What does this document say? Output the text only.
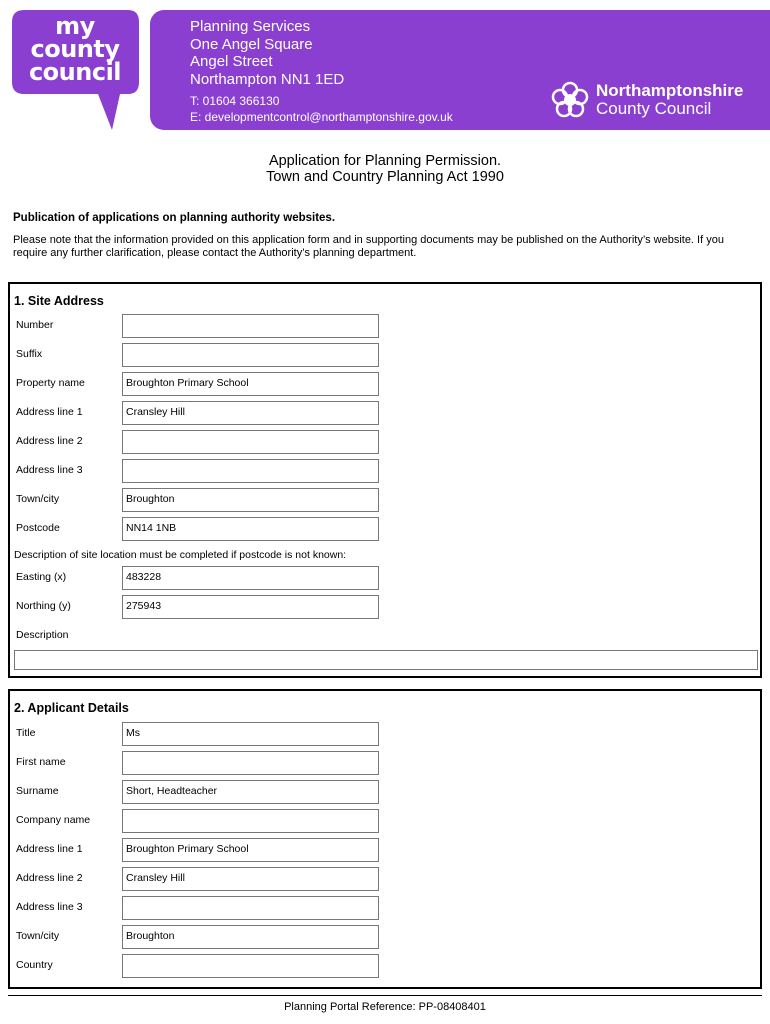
my
county
council
Planning Services
One Angel Square
Angel Street
Northampton NN1 1ED
T: 01604 366130
E: developmentcontrol@northamptonshire.gov.uk
Northamptonshire
County Council
Application for Planning Permission.
Town and Country Planning Act 1990
Publication of applications on planning authority websites.
Please note that the information provided on this application form and in supporting documents may be published on the Authority’s website. If you require any further clarification, please contact the Authority’s planning department.
1. Site Address
Number
Suffix
Property name	Broughton Primary School
Address line 1	Cransley Hill
Address line 2
Address line 3
Town/city	Broughton
Postcode	NN14 1NB
Description of site location must be completed if postcode is not known:
Easting (x)	483228
Northing (y)	275943
Description
2. Applicant Details
Title	Ms
First name
Surname	Short, Headteacher
Company name
Address line 1	Broughton Primary School
Address line 2	Cransley Hill
Address line 3
Town/city	Broughton
Country
Planning Portal Reference: PP-08408401
